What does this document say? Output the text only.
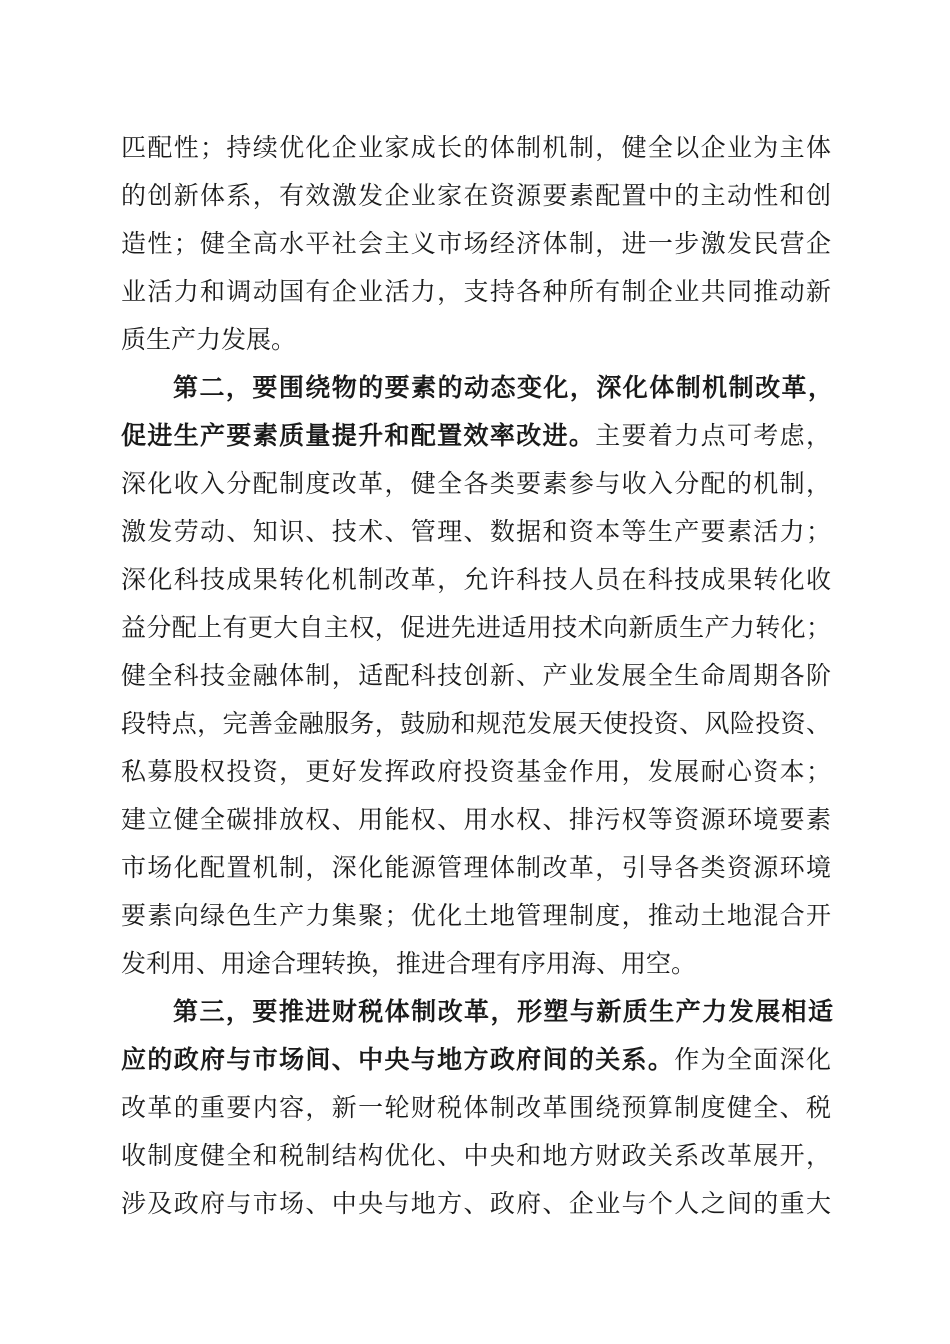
匹配性；持续优化企业家成长的体制机制，健全以企业为主体
的创新体系，有效激发企业家在资源要素配置中的主动性和创
造性；健全高水平社会主义市场经济体制，进一步激发民营企
业活力和调动国有企业活力，支持各种所有制企业共同推动新
质生产力发展。
第二，要围绕物的要素的动态变化，深化体制机制改革，
促进生产要素质量提升和配置效率改进。主要着力点可考虑，
深化收入分配制度改革，健全各类要素参与收入分配的机制，
激发劳动、知识、技术、管理、数据和资本等生产要素活力；
深化科技成果转化机制改革，允许科技人员在科技成果转化收
益分配上有更大自主权，促进先进适用技术向新质生产力转化；
健全科技金融体制，适配科技创新、产业发展全生命周期各阶
段特点，完善金融服务，鼓励和规范发展天使投资、风险投资、
私募股权投资，更好发挥政府投资基金作用，发展耐心资本；
建立健全碳排放权、用能权、用水权、排污权等资源环境要素
市场化配置机制，深化能源管理体制改革，引导各类资源环境
要素向绿色生产力集聚；优化土地管理制度，推动土地混合开
发利用、用途合理转换，推进合理有序用海、用空。
第三，要推进财税体制改革，形塑与新质生产力发展相适
应的政府与市场间、中央与地方政府间的关系。作为全面深化
改革的重要内容，新一轮财税体制改革围绕预算制度健全、税
收制度健全和税制结构优化、中央和地方财政关系改革展开，
涉及政府与市场、中央与地方、政府、企业与个人之间的重大
